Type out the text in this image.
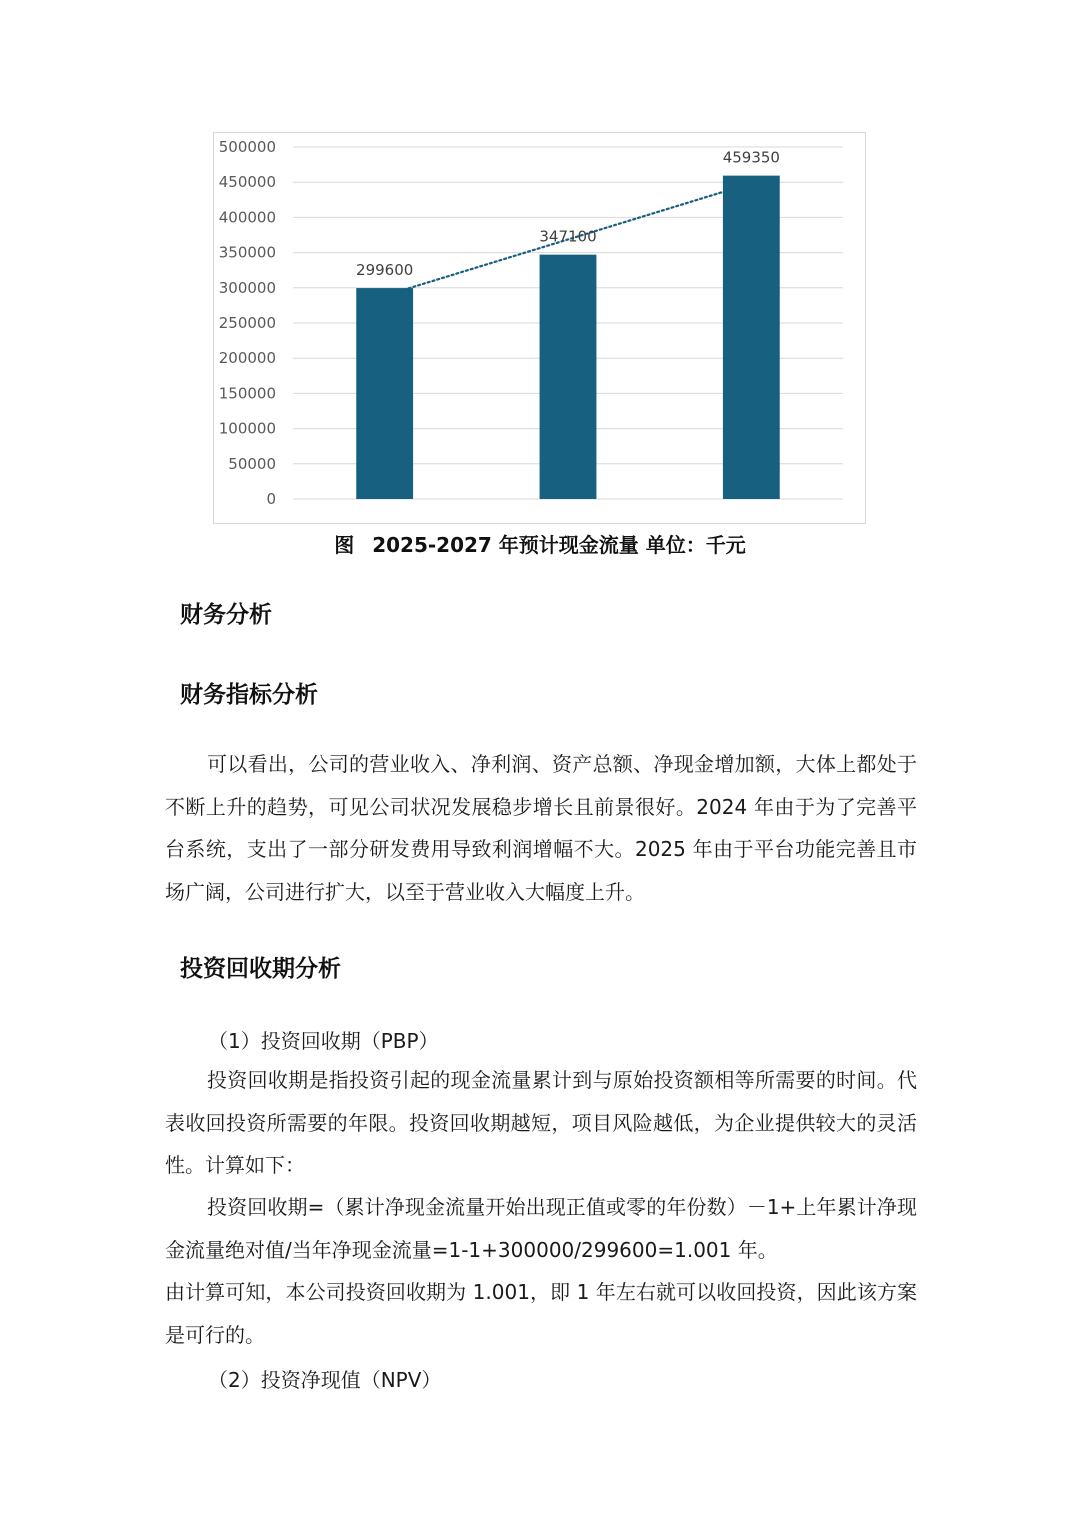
0
50000
100000
150000
200000
250000
300000
350000
400000
450000
500000
299600
347100
459350
图 2025-2027 年预计现金流量 单位：千元
财务分析
财务指标分析

可以看出，公司的营业收入、净利润、资产总额、净现金增加额，大体上都处于不断上升的趋势，可见公司状况发展稳步增长且前景很好。2024 年由于为了完善平台系统，支出了一部分研发费用导致利润增幅不大。2025 年由于平台功能完善且市场广阔，公司进行扩大，以至于营业收入大幅度上升。

投资回收期分析
（1）投资回收期（PBP）

投资回收期是指投资引起的现金流量累计到与原始投资额相等所需要的时间。代表收回投资所需要的年限。投资回收期越短，项目风险越低，为企业提供较大的灵活性。计算如下：

投资回收期=（累计净现金流量开始出现正值或零的年份数）－1+上年累计净现金流量绝对值/当年净现金流量=1-1+300000/299600=1.001 年。

由计算可知，本公司投资回收期为 1.001，即 1 年左右就可以收回投资，因此该方案是可行的。

（2）投资净现值（NPV）
